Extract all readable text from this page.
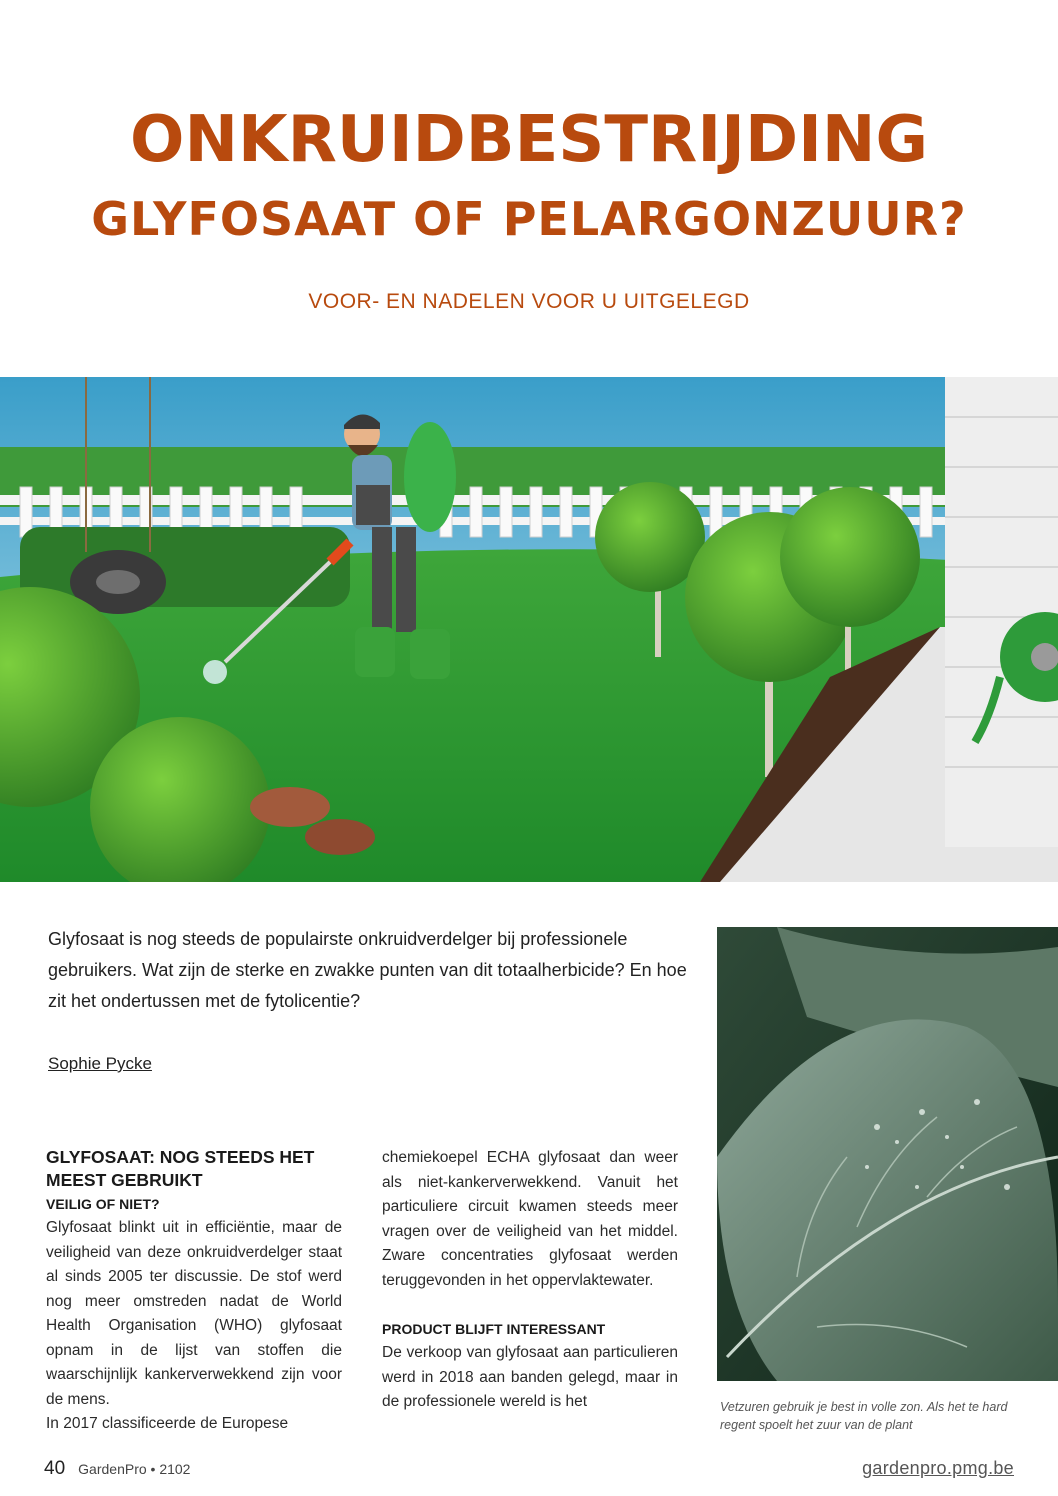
ONKRUIDBESTRIJDING
GLYFOSAAT OF PELARGONZUUR?
VOOR- EN NADELEN VOOR U UITGELEGD

Glyfosaat is nog steeds de populairste onkruidverdelger bij professionele gebruikers. Wat zijn de sterke en zwakke punten van dit totaalherbicide? En hoe zit het ondertussen met de fytolicentie?

Sophie Pycke

GLYFOSAAT: NOG STEEDS HET MEEST GEBRUIKT
VEILIG OF NIET?

Glyfosaat blinkt uit in efficiëntie, maar de veiligheid van deze onkruidverdelger staat al sinds 2005 ter discussie. De stof werd nog meer omstreden nadat de World Health Organisation (WHO) glyfosaat opnam in de lijst van stoffen die waarschijnlijk kankerverwekkend zijn voor de mens.

In 2017 classificeerde de Europese

chemiekoepel ECHA glyfosaat dan weer als niet-kankerverwekkend. Vanuit het particuliere circuit kwamen steeds meer vragen over de veiligheid van het middel. Zware concentraties glyfosaat werden teruggevonden in het oppervlaktewater.

PRODUCT BLIJFT INTERESSANT

De verkoop van glyfosaat aan particulieren werd in 2018 aan banden gelegd, maar in de professionele wereld is het	Vetzuren gebruik je best in volle zon. Als het te hard regent spoelt het zuur van de plant

40 GardenPro • 2102	gardenpro.pmg.be
